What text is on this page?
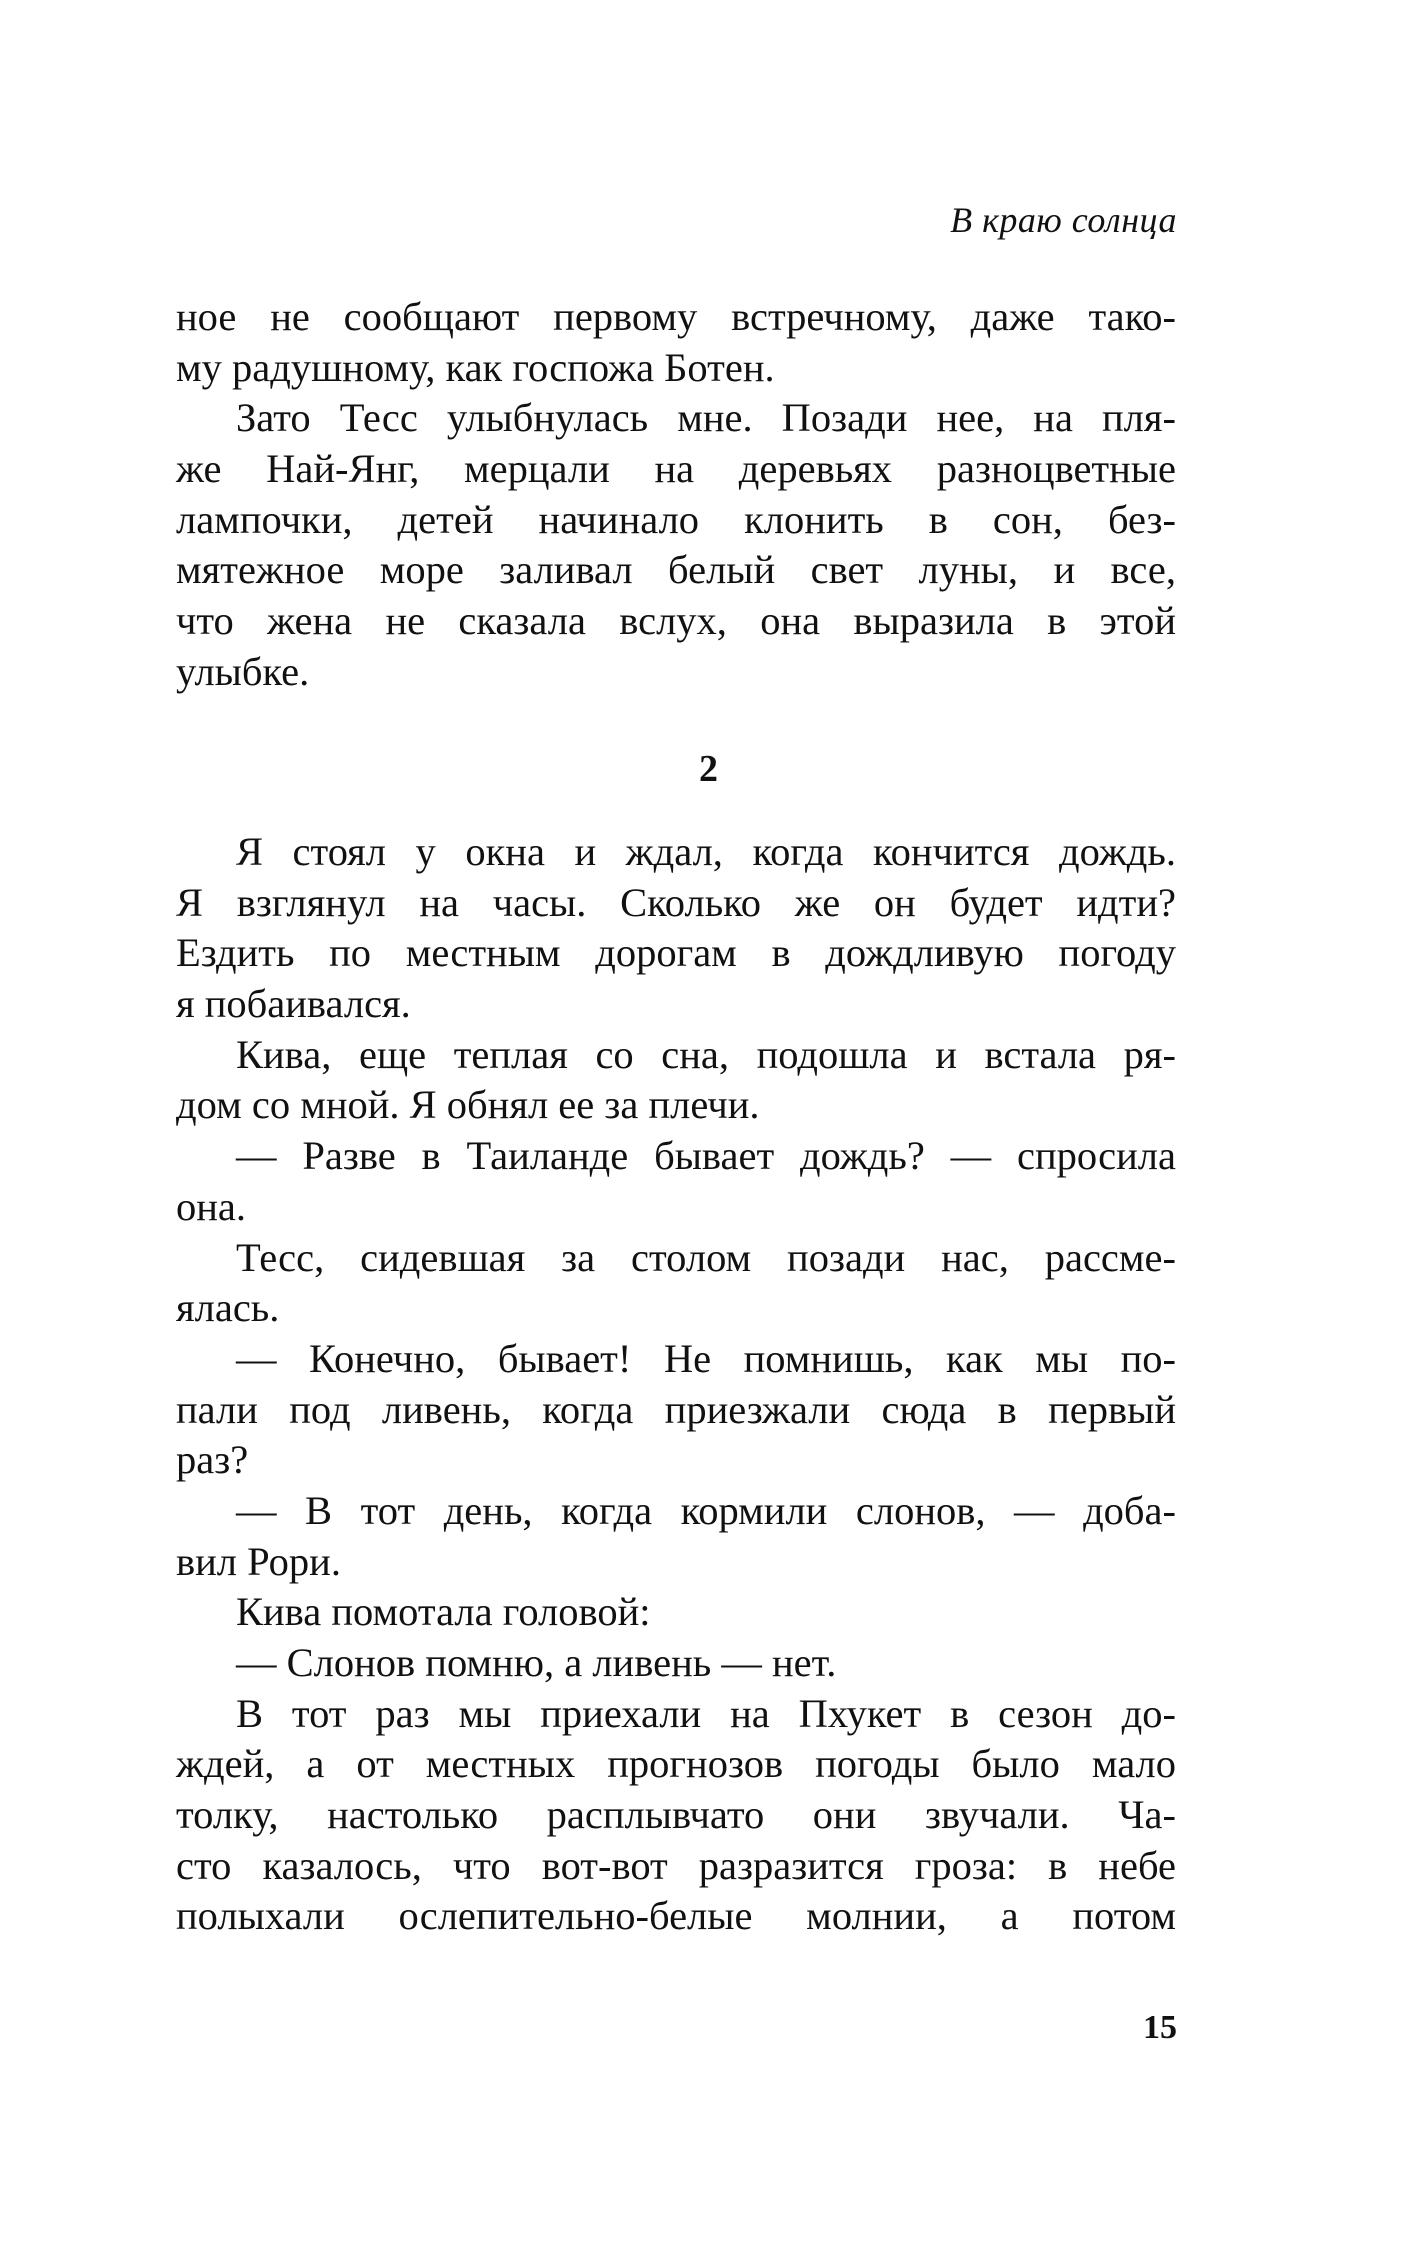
В краю солнца
ное не сообщают первому встречному, даже тако-
му радушному, как госпожа Ботен.
Зато Тесс улыбнулась мне. Позади нее, на пля-
же Най-Янг, мерцали на деревьях разноцветные
лампочки, детей начинало клонить в сон, без-
мятежное море заливал белый свет луны, и все,
что жена не сказала вслух, она выразила в этой
улыбке.
2
Я стоял у окна и ждал, когда кончится дождь.
Я взглянул на часы. Сколько же он будет идти?
Ездить по местным дорогам в дождливую погоду
я побаивался.
Кива, еще теплая со сна, подошла и встала ря-
дом со мной. Я обнял ее за плечи.
— Разве в Таиланде бывает дождь? — спросила
она.
Тесс, сидевшая за столом позади нас, рассме-
ялась.
— Конечно, бывает! Не помнишь, как мы по-
пали под ливень, когда приезжали сюда в первый
раз?
— В тот день, когда кормили слонов, — доба-
вил Рори.
Кива помотала головой:
— Слонов помню, а ливень — нет.
В тот раз мы приехали на Пхукет в сезон до-
ждей, а от местных прогнозов погоды было мало
толку, настолько расплывчато они звучали. Ча-
сто казалось, что вот-вот разразится гроза: в небе
полыхали ослепительно-белые молнии, а потом
15
